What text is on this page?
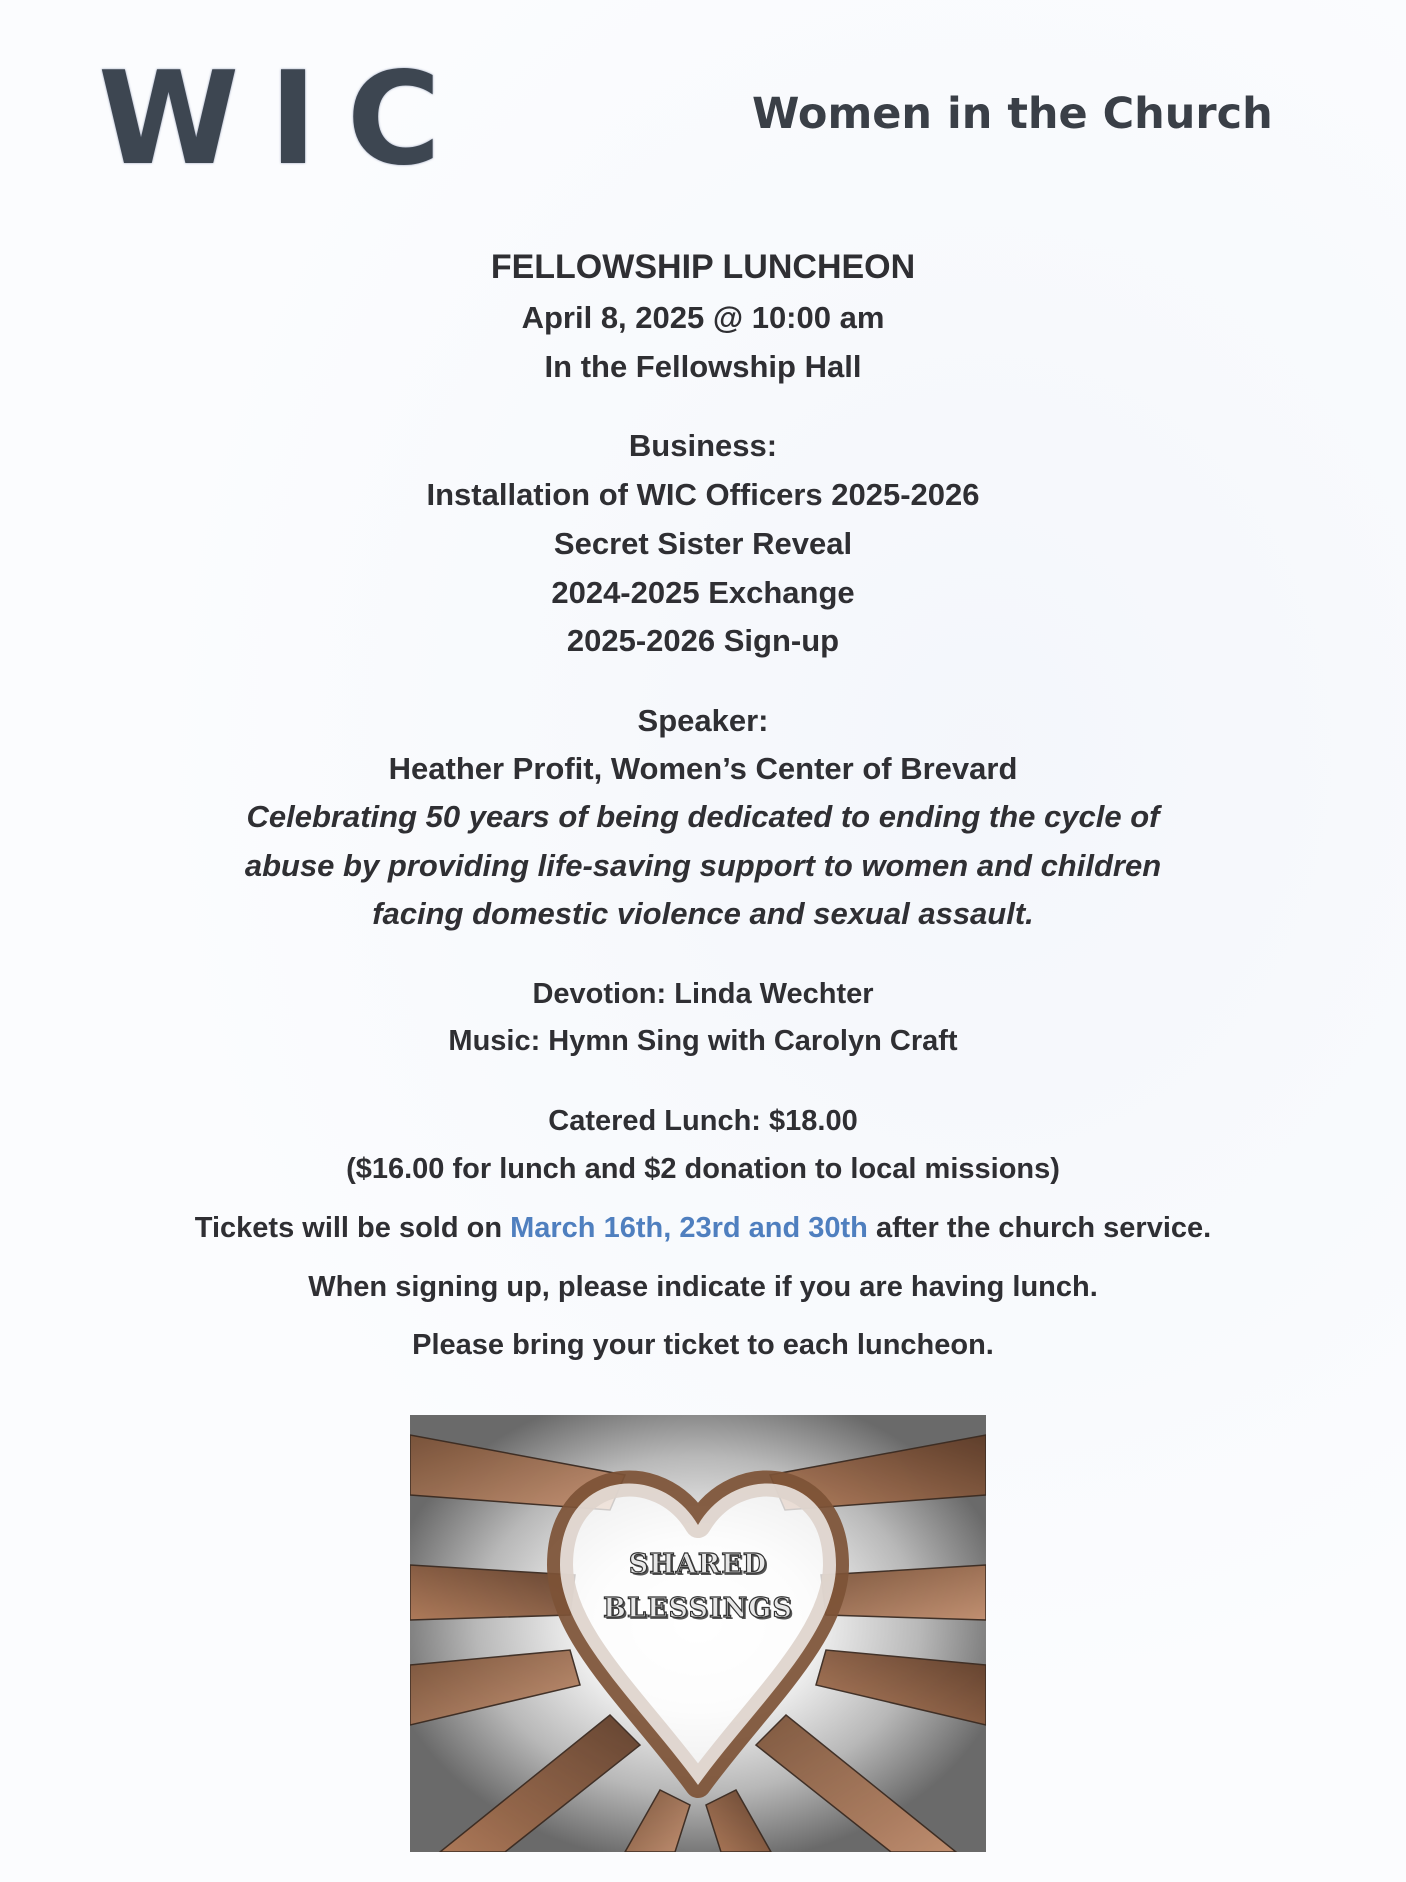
WIC	Women in the Church
FELLOWSHIP LUNCHEON
April 8, 2025 @ 10:00 am
In the Fellowship Hall
Business:
Installation of WIC Officers 2025-2026
Secret Sister Reveal
2024-2025 Exchange
2025-2026 Sign-up
Speaker:
Heather Profit, Women’s Center of Brevard
Celebrating 50 years of being dedicated to ending the cycle of
abuse by providing life-saving support to women and children
facing domestic violence and sexual assault.
Devotion: Linda Wechter
Music: Hymn Sing with Carolyn Craft
Catered Lunch: $18.00
($16.00 for lunch and $2 donation to local missions)
Tickets will be sold on March 16th, 23rd and 30th after the church service.
When signing up, please indicate if you are having lunch.
Please bring your ticket to each luncheon.
SHARED
BLESSINGS
